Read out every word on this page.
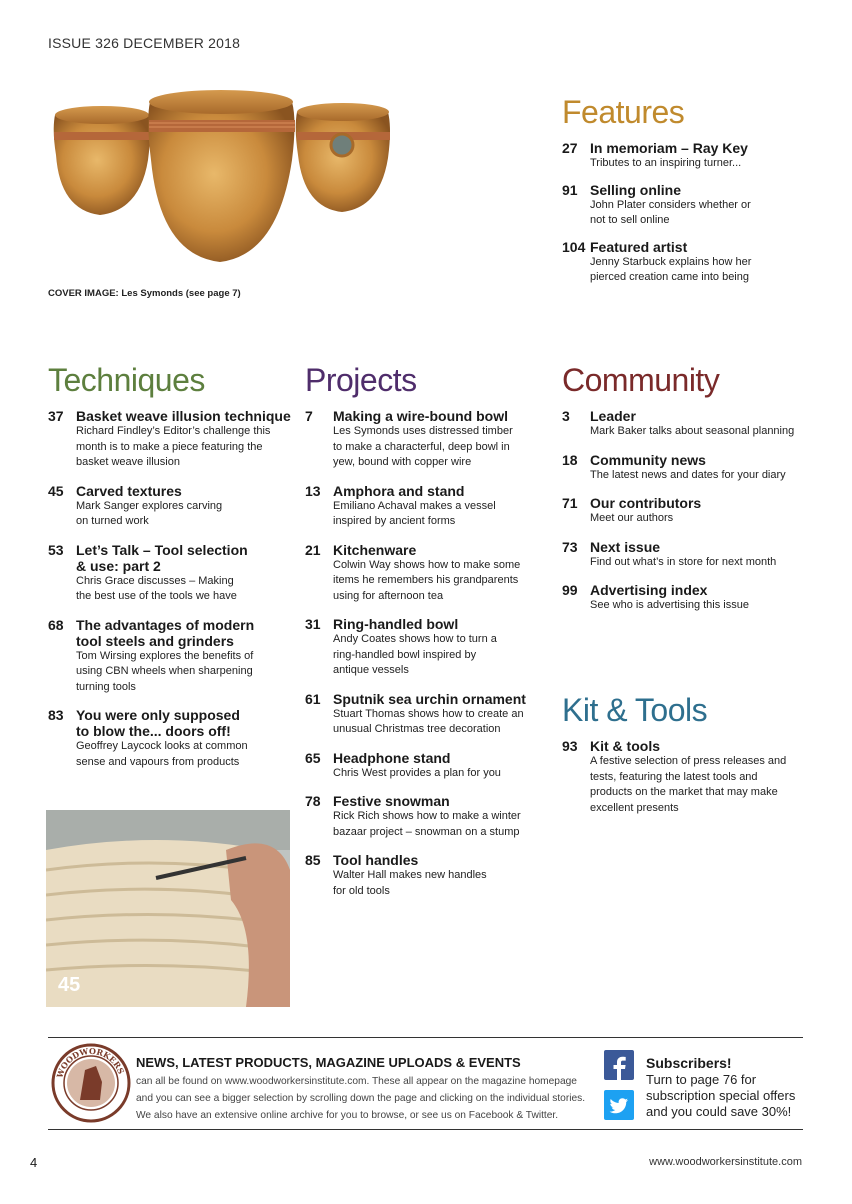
ISSUE 326 DECEMBER 2018
COVER IMAGE: Les Symonds (see page 7)
Features
27 In memoriam – Ray Key
Tributes to an inspiring turner...
91 Selling online
John Plater considers whether or not to sell online
104 Featured artist
Jenny Starbuck explains how her pierced creation came into being
Techniques
37 Basket weave illusion technique
Richard Findley’s Editor’s challenge this month is to make a piece featuring the basket weave illusion
45 Carved textures
Mark Sanger explores carving on turned work
53 Let’s Talk – Tool selection & use: part 2
Chris Grace discusses – Making the best use of the tools we have
68 The advantages of modern tool steels and grinders
Tom Wirsing explores the benefits of using CBN wheels when sharpening turning tools
83 You were only supposed to blow the... doors off!
Geoffrey Laycock looks at common sense and vapours from products
Projects
7 Making a wire-bound bowl
Les Symonds uses distressed timber to make a characterful, deep bowl in yew, bound with copper wire
13 Amphora and stand
Emiliano Achaval makes a vessel inspired by ancient forms
21 Kitchenware
Colwin Way shows how to make some items he remembers his grandparents using for afternoon tea
31 Ring-handled bowl
Andy Coates shows how to turn a ring-handled bowl inspired by antique vessels
61 Sputnik sea urchin ornament
Stuart Thomas shows how to create an unusual Christmas tree decoration
65 Headphone stand
Chris West provides a plan for you
78 Festive snowman
Rick Rich shows how to make a winter bazaar project – snowman on a stump
85 Tool handles
Walter Hall makes new handles for old tools
Community
3 Leader
Mark Baker talks about seasonal planning
18 Community news
The latest news and dates for your diary
71 Our contributors
Meet our authors
73 Next issue
Find out what’s in store for next month
99 Advertising index
See who is advertising this issue
Kit & Tools
93 Kit & tools
A festive selection of press releases and tests, featuring the latest tools and products on the market that may make excellent presents
45
WOODWORKERS
NEWS, LATEST PRODUCTS, MAGAZINE UPLOADS & EVENTS
can all be found on www.woodworkersinstitute.com. These all appear on the magazine homepage and you can see a bigger selection by scrolling down the page and clicking on the individual stories. We also have an extensive online archive for you to browse, or see us on Facebook & Twitter.
Subscribers!
Turn to page 76 for subscription special offers and you could save 30%!
4	www.woodworkersinstitute.com
